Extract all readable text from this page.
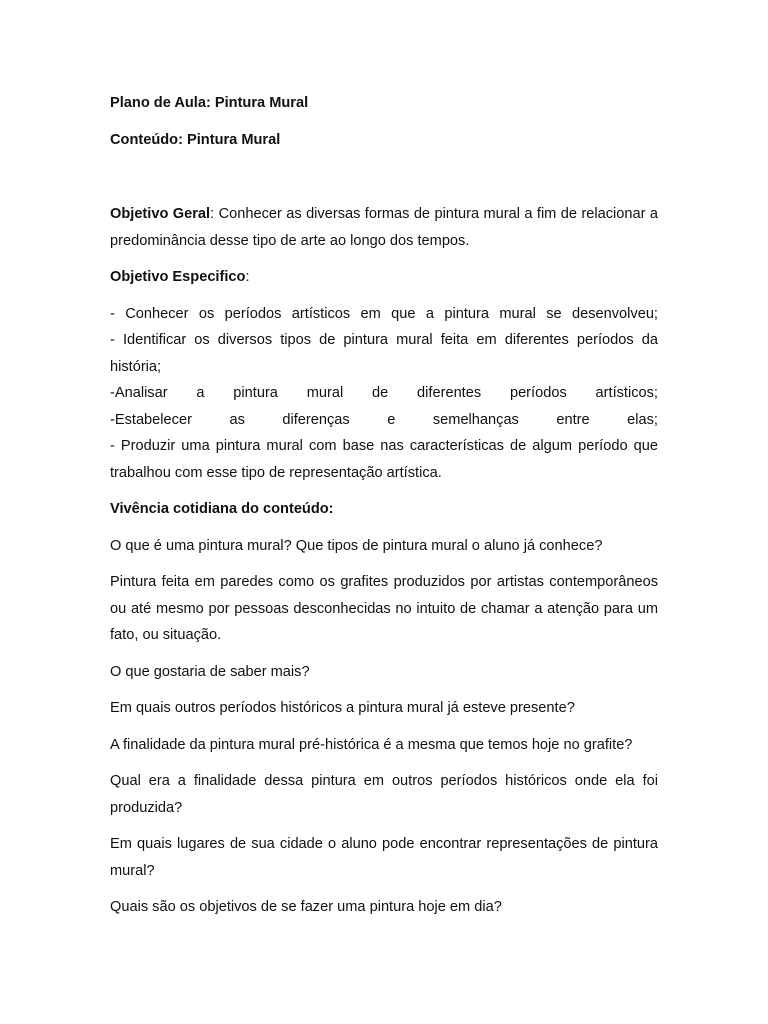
Plano de Aula: Pintura Mural

Conteúdo: Pintura Mural

Objetivo Geral: Conhecer as diversas formas de pintura mural a fim de relacionar a predominância desse tipo de arte ao longo dos tempos.

Objetivo Especifico:

- Conhecer os períodos artísticos em que a pintura mural se desenvolveu;

- Identificar os diversos tipos de pintura mural feita em diferentes períodos da história;

-Analisar a pintura mural de diferentes períodos artísticos;

-Estabelecer as diferenças e semelhanças entre elas;

- Produzir uma pintura mural com base nas características de algum período que trabalhou com esse tipo de representação artística.

Vivência cotidiana do conteúdo:

O que é uma pintura mural? Que tipos de pintura mural o aluno já conhece?

Pintura feita em paredes como os grafites produzidos por artistas contemporâneos ou até mesmo por pessoas desconhecidas no intuito de chamar a atenção para um fato, ou situação.

O que gostaria de saber mais?

Em quais outros períodos históricos a pintura mural já esteve presente?

A finalidade da pintura mural pré-histórica é a mesma que temos hoje no grafite?

Qual era a finalidade dessa pintura em outros períodos históricos onde ela foi produzida?

Em quais lugares de sua cidade o aluno pode encontrar representações de pintura mural?

Quais são os objetivos de se fazer uma pintura hoje em dia?
